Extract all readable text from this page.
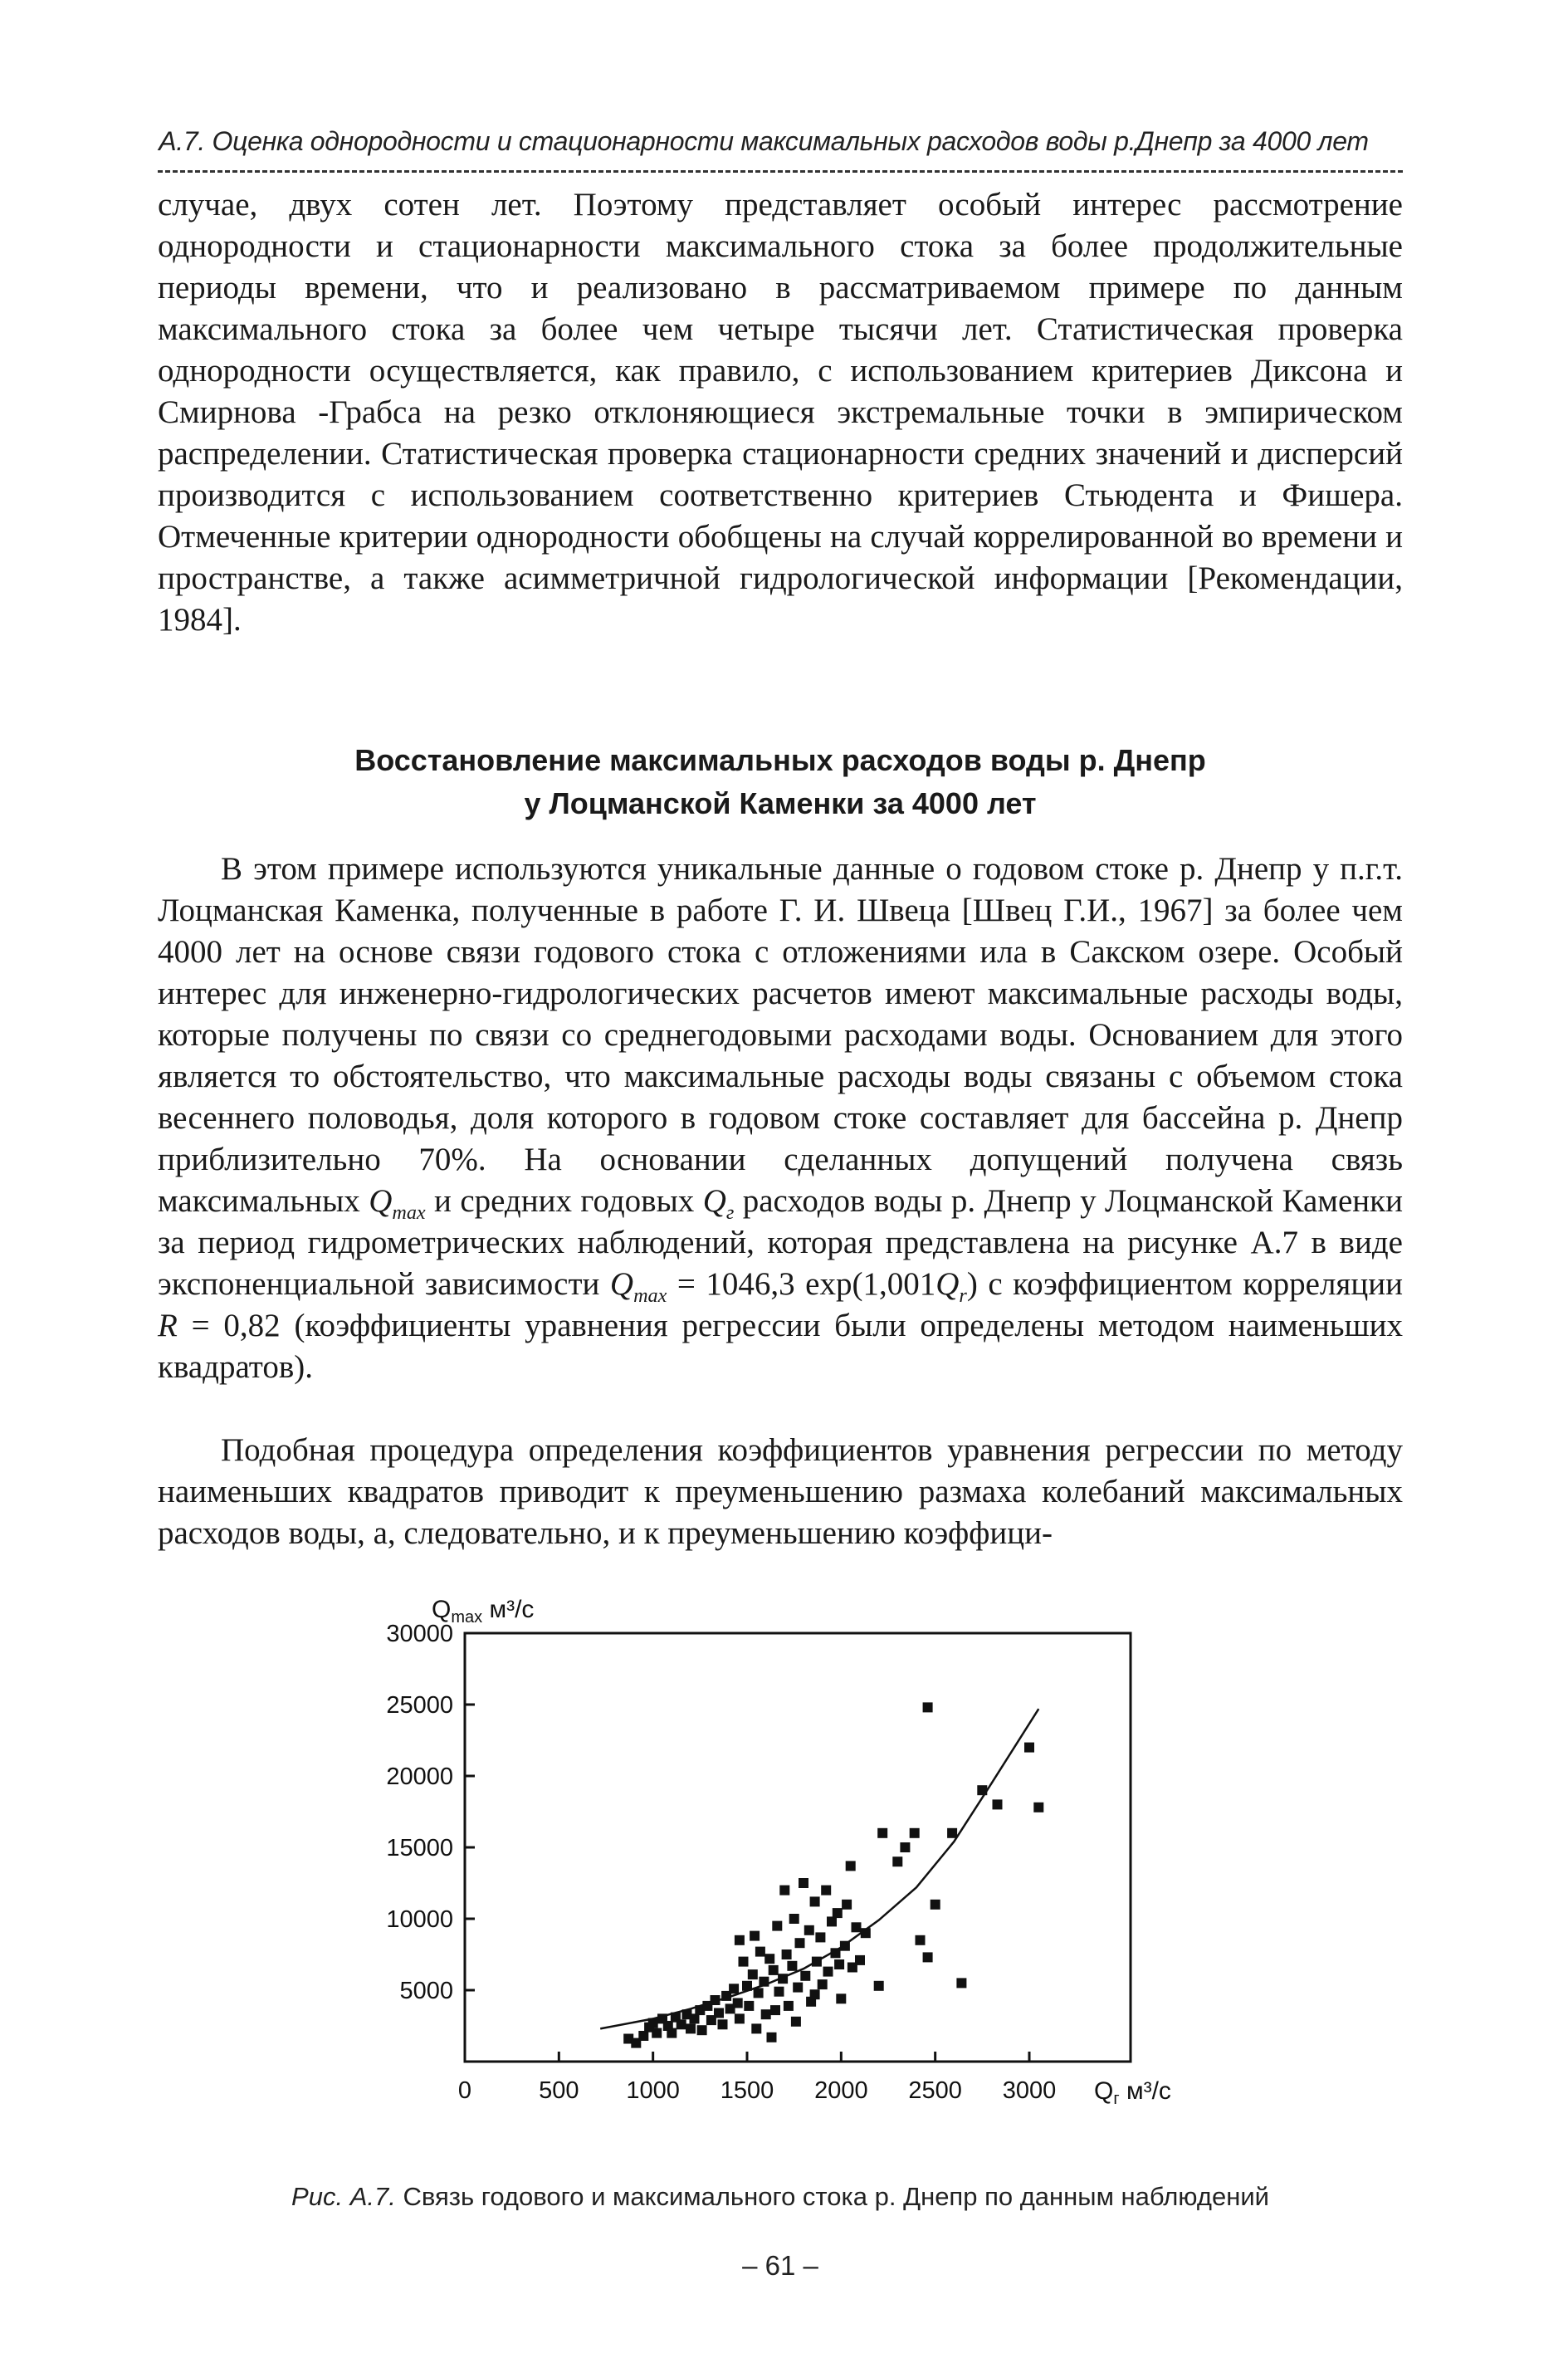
А.7. Оценка однородности и стационарности максимальных расходов воды р.Днепр за 4000 лет

случае, двух сотен лет. Поэтому представляет особый интерес рассмотрение однородности и стационарности максимального стока за более продолжительные периоды времени, что и реализовано в рассматриваемом примере по данным максимального стока за более чем четыре тысячи лет. Статистическая проверка однородности осуществляется, как правило, с использованием критериев Диксона и Смирнова -Грабса на резко отклоняющиеся экстремальные точки в эмпирическом распределении. Статистическая проверка стационарности средних значений и дисперсий производится с использованием соответственно критериев Стьюдента и Фишера. Отмеченные критерии однородности обобщены на случай коррелированной во времени и пространстве, а также асимметричной гидрологической информации [Рекомендации, 1984].

Восстановление максимальных расходов воды р. Днепр
у Лоцманской Каменки за 4000 лет

В этом примере используются уникальные данные о годовом стоке р. Днепр у п.г.т. Лоцманская Каменка, полученные в работе Г. И. Швеца [Швец Г.И., 1967] за более чем 4000 лет на основе связи годового стока с отложениями ила в Сакском озере. Особый интерес для инженерно-гидрологических расчетов имеют максимальные расходы воды, которые получены по связи со среднегодовыми расходами воды. Основанием для этого является то обстоятельство, что максимальные расходы воды связаны с объемом стока весеннего половодья, доля которого в годовом стоке составляет для бассейна р. Днепр приблизительно 70%. На основании сделанных допущений получена связь максимальных $Q_{max}$ и средних годовых $Q_г$ расходов воды р. Днепр у Лоцманской Каменки за период гидрометрических наблюдений, которая представлена на рисунке А.7 в виде экспоненциальной зависимости $Q_{max} = 1046,3$ $\exp(1,001Q_r)$ с коэффициентом корреляции R = 0,82 (коэффициенты уравнения регрессии были определены методом наименьших квадратов).

Подобная процедура определения коэффициентов уравнения регрессии по методу наименьших квадратов приводит к преуменьшению размаха колебаний максимальных расходов воды, а, следовательно, и к преуменьшению коэффици-

5000
10000
15000
20000
25000
30000
0	500 1000 1500 2000 2500 3000
$Q_{max}$ м³/с
$Q_г$ м³/с
Рис. А.7. Связь годового и максимального стока р. Днепр по данным наблюдений
– 61 –
